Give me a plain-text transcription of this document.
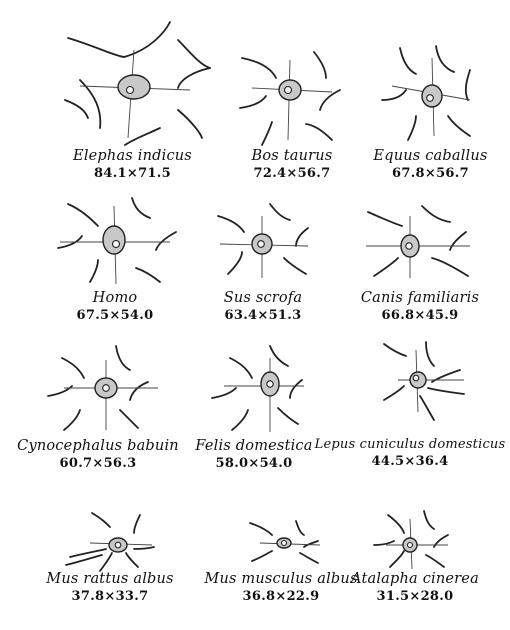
Elephas indicus
84.1×71.5
Bos taurus
72.4×56.7
Equus caballus
67.8×56.7
Homo
67.5×54.0
Sus scrofa
63.4×51.3
Canis familiaris
66.8×45.9
Cynocephalus babuin
60.7×56.3
Felis domestica
58.0×54.0
Lepus cuniculus domesticus
44.5×36.4
Mus rattus albus
37.8×33.7
Mus musculus albus
36.8×22.9
Atalapha cinerea
31.5×28.0
